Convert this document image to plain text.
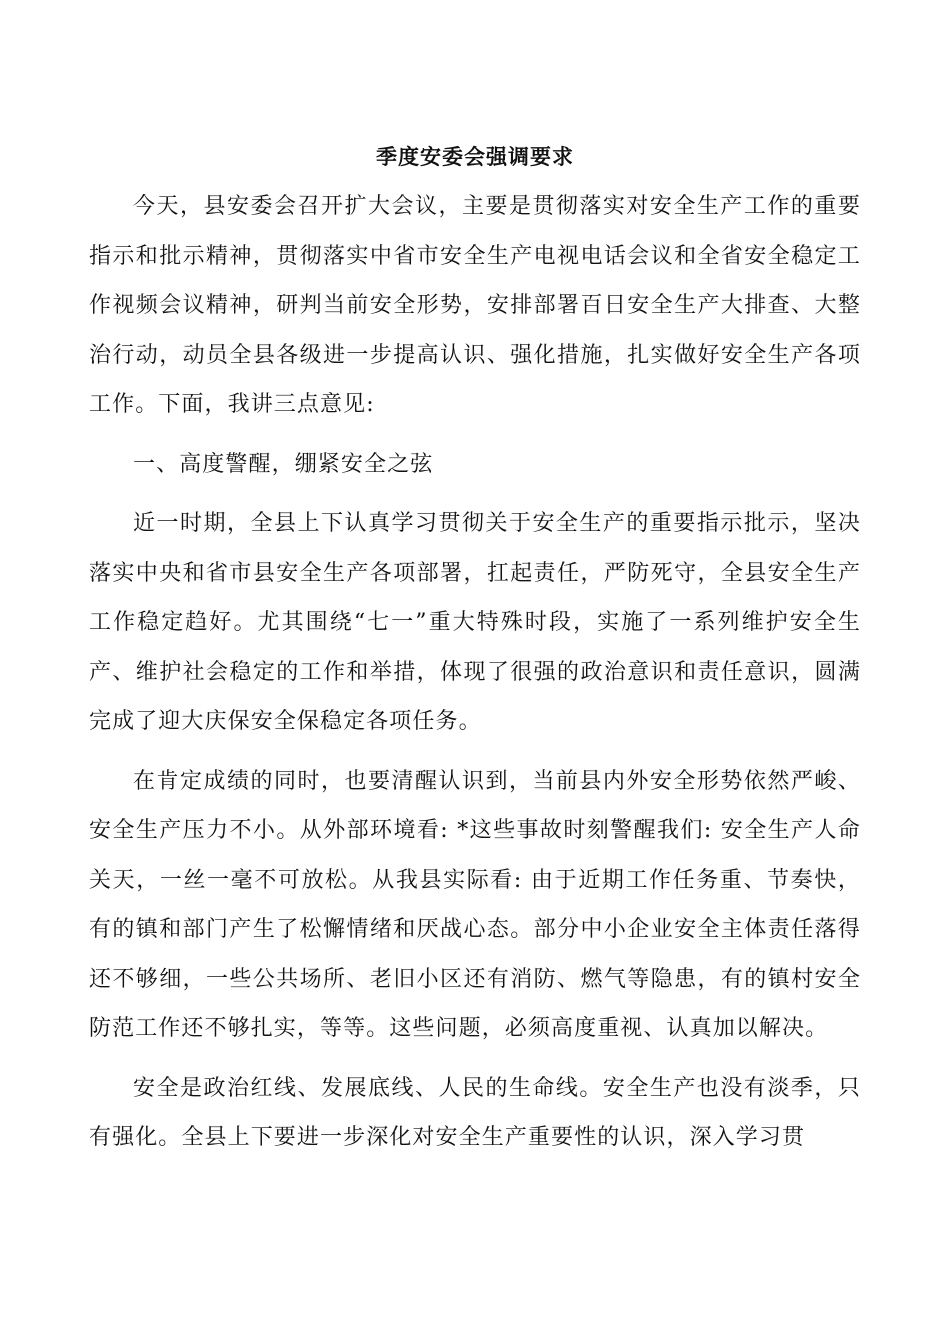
季度安委会强调要求

今天，县安委会召开扩大会议，主要是贯彻落实对安全生产工作的重要指示和批示精神，贯彻落实中省市安全生产电视电话会议和全省安全稳定工作视频会议精神，研判当前安全形势，安排部署百日安全生产大排查、大整治行动，动员全县各级进一步提高认识、强化措施，扎实做好安全生产各项工作。下面，我讲三点意见:

一、高度警醒，绷紧安全之弦

近一时期，全县上下认真学习贯彻关于安全生产的重要指示批示，坚决落实中央和省市县安全生产各项部署，扛起责任，严防死守，全县安全生产工作稳定趋好。尤其围绕“七一”重大特殊时段，实施了一系列维护安全生产、维护社会稳定的工作和举措，体现了很强的政治意识和责任意识，圆满完成了迎大庆保安全保稳定各项任务。

在肯定成绩的同时，也要清醒认识到，当前县内外安全形势依然严峻、安全生产压力不小。从外部环境看: *这些事故时刻警醒我们: 安全生产人命关天，一丝一毫不可放松。从我县实际看: 由于近期工作任务重、节奏快，有的镇和部门产生了松懈情绪和厌战心态。部分中小企业安全主体责任落得还不够细，一些公共场所、老旧小区还有消防、燃气等隐患，有的镇村安全防范工作还不够扎实，等等。这些问题，必须高度重视、认真加以解决。

安全是政治红线、发展底线、人民的生命线。安全生产也没有淡季，只有强化。全县上下要进一步深化对安全生产重要性的认识，深入学习贯
